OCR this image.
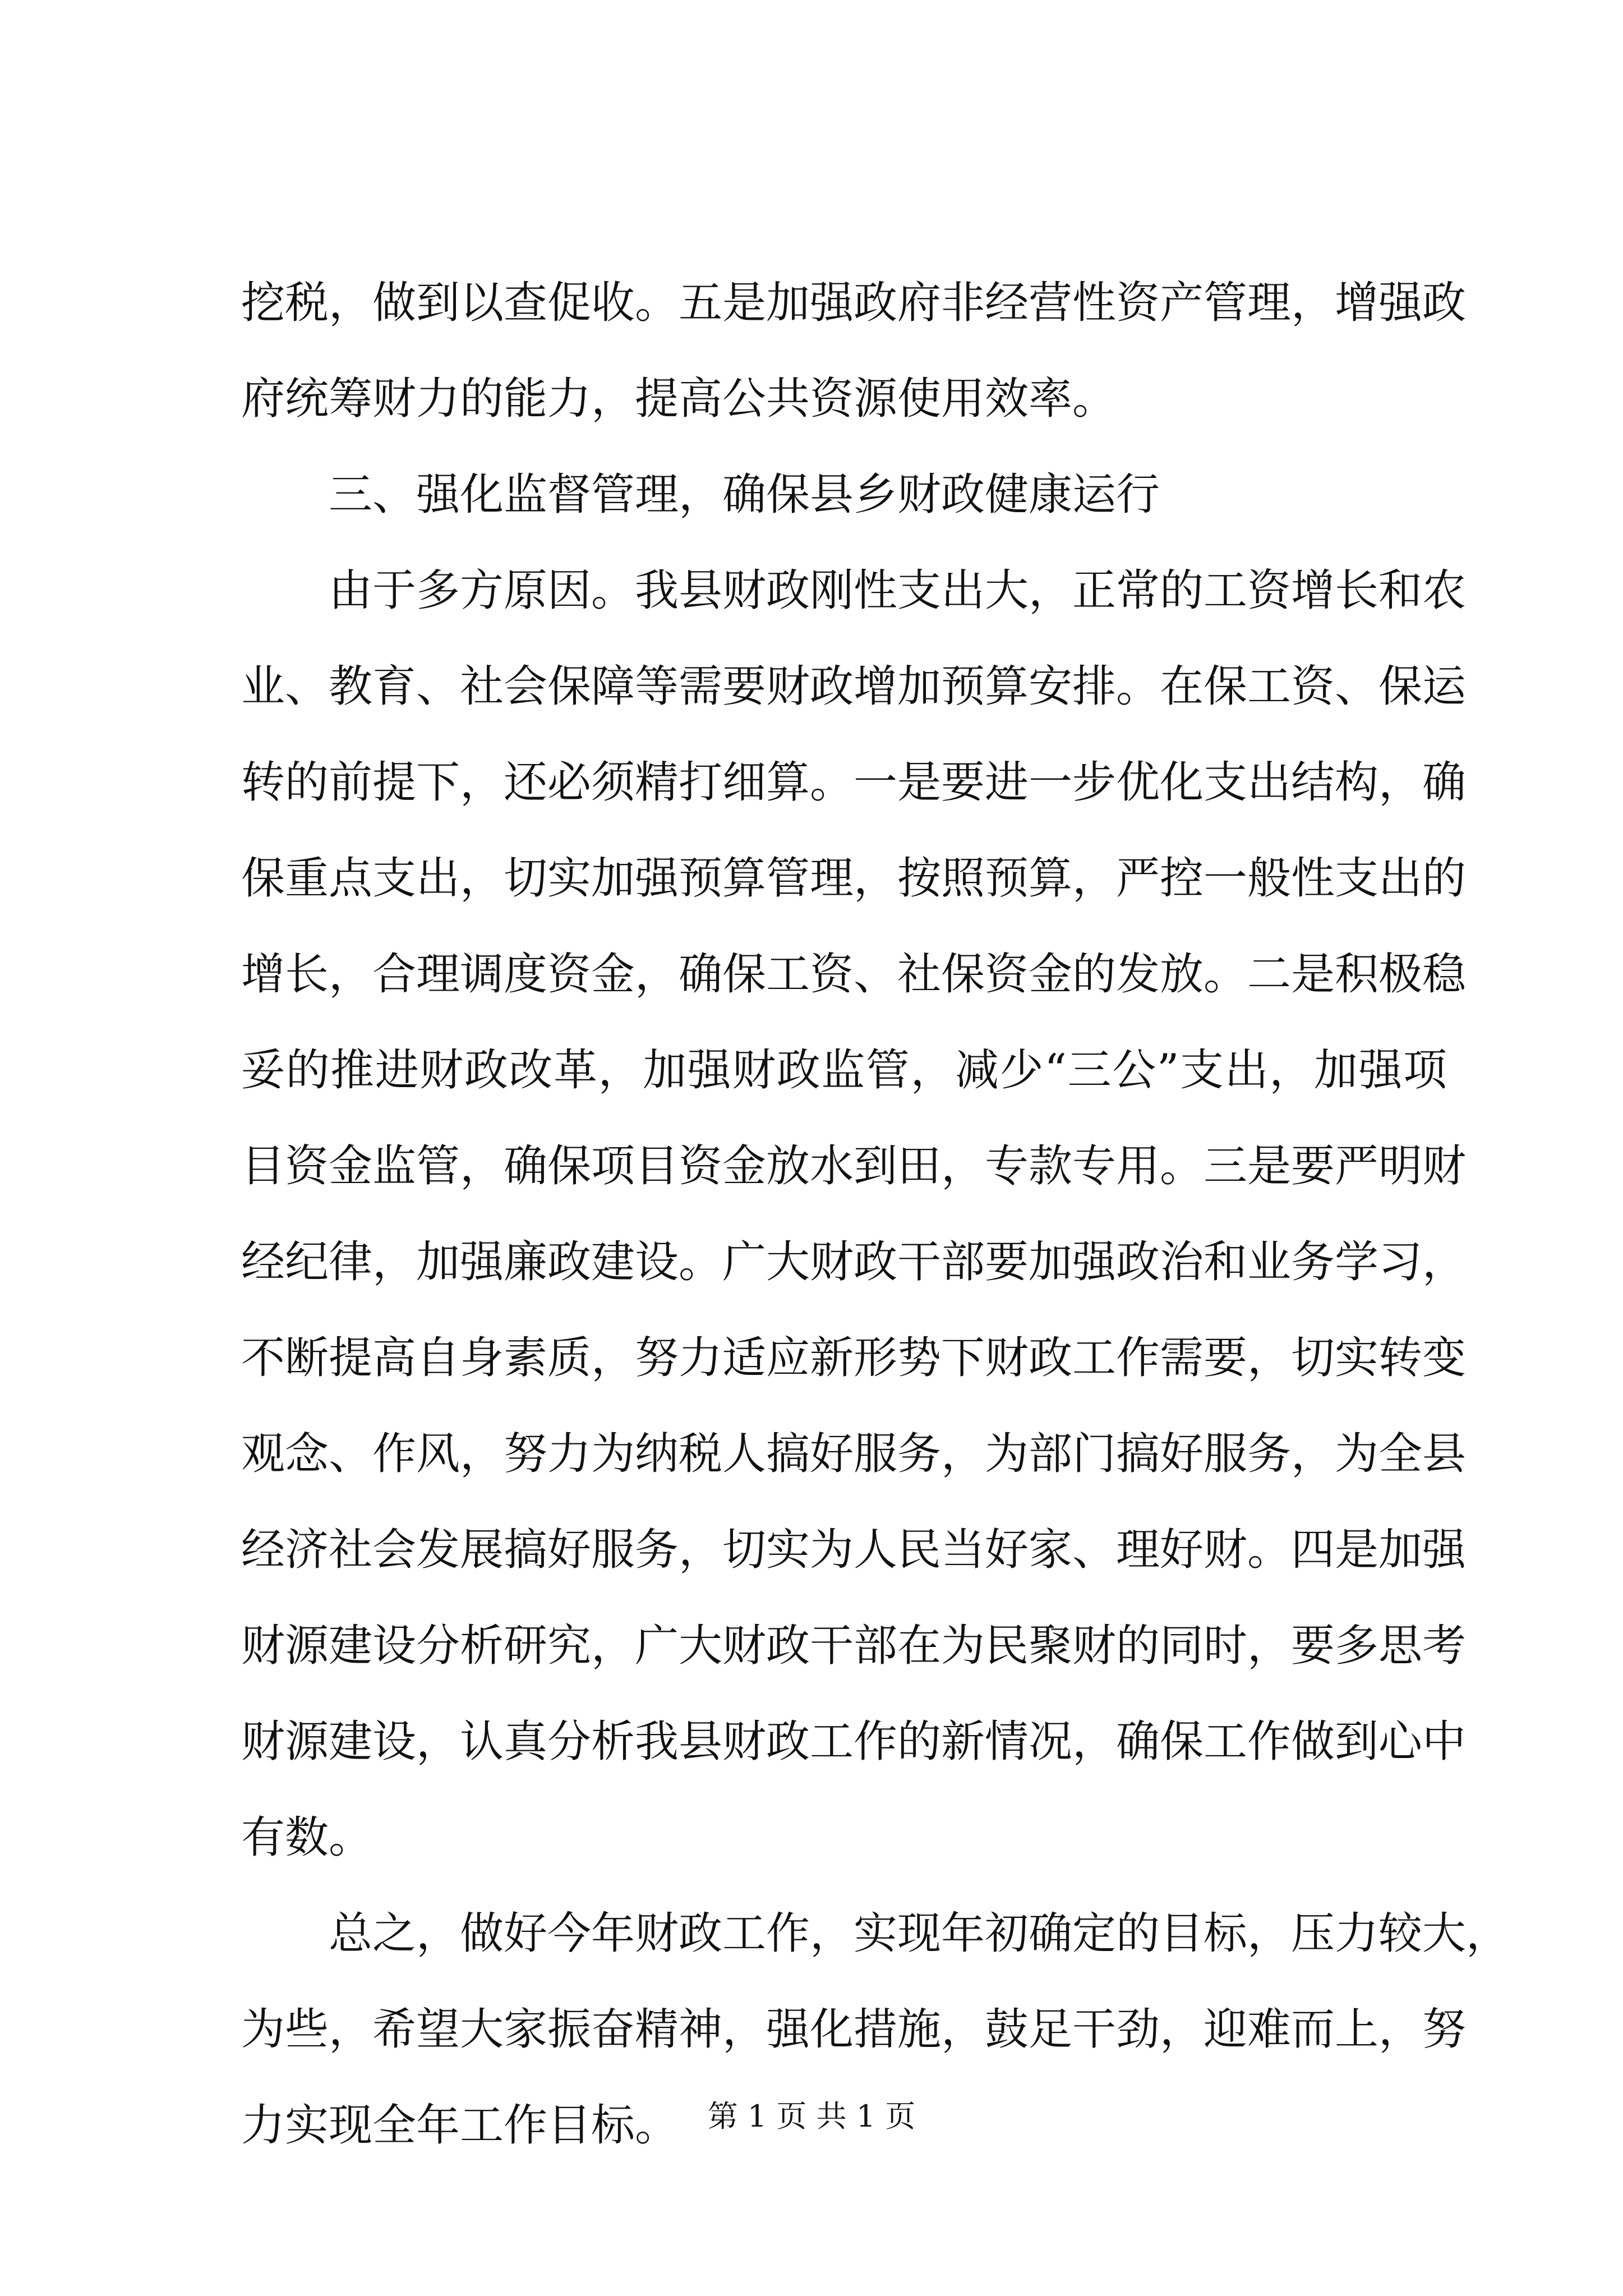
挖税，做到以查促收。五是加强政府非经营性资产管理，增强政
府统筹财力的能力，提高公共资源使用效率。
三、强化监督管理，确保县乡财政健康运行
由于多方原因。我县财政刚性支出大，正常的工资增长和农
业、教育、社会保障等需要财政增加预算安排。在保工资、保运
转的前提下，还必须精打细算。一是要进一步优化支出结构，确
保重点支出，切实加强预算管理，按照预算，严控一般性支出的
增长，合理调度资金，确保工资、社保资金的发放。二是积极稳
妥的推进财政改革，加强财政监管，减少“三公”支出，加强项
目资金监管，确保项目资金放水到田，专款专用。三是要严明财
经纪律，加强廉政建设。广大财政干部要加强政治和业务学习，
不断提高自身素质，努力适应新形势下财政工作需要，切实转变
观念、作风，努力为纳税人搞好服务，为部门搞好服务，为全县
经济社会发展搞好服务，切实为人民当好家、理好财。四是加强
财源建设分析研究，广大财政干部在为民聚财的同时，要多思考
财源建设，认真分析我县财政工作的新情况，确保工作做到心中
有数。
总之，做好今年财政工作，实现年初确定的目标，压力较大，
为些，希望大家振奋精神，强化措施，鼓足干劲，迎难而上，努
力实现全年工作目标。 第 1 页 共 1 页
